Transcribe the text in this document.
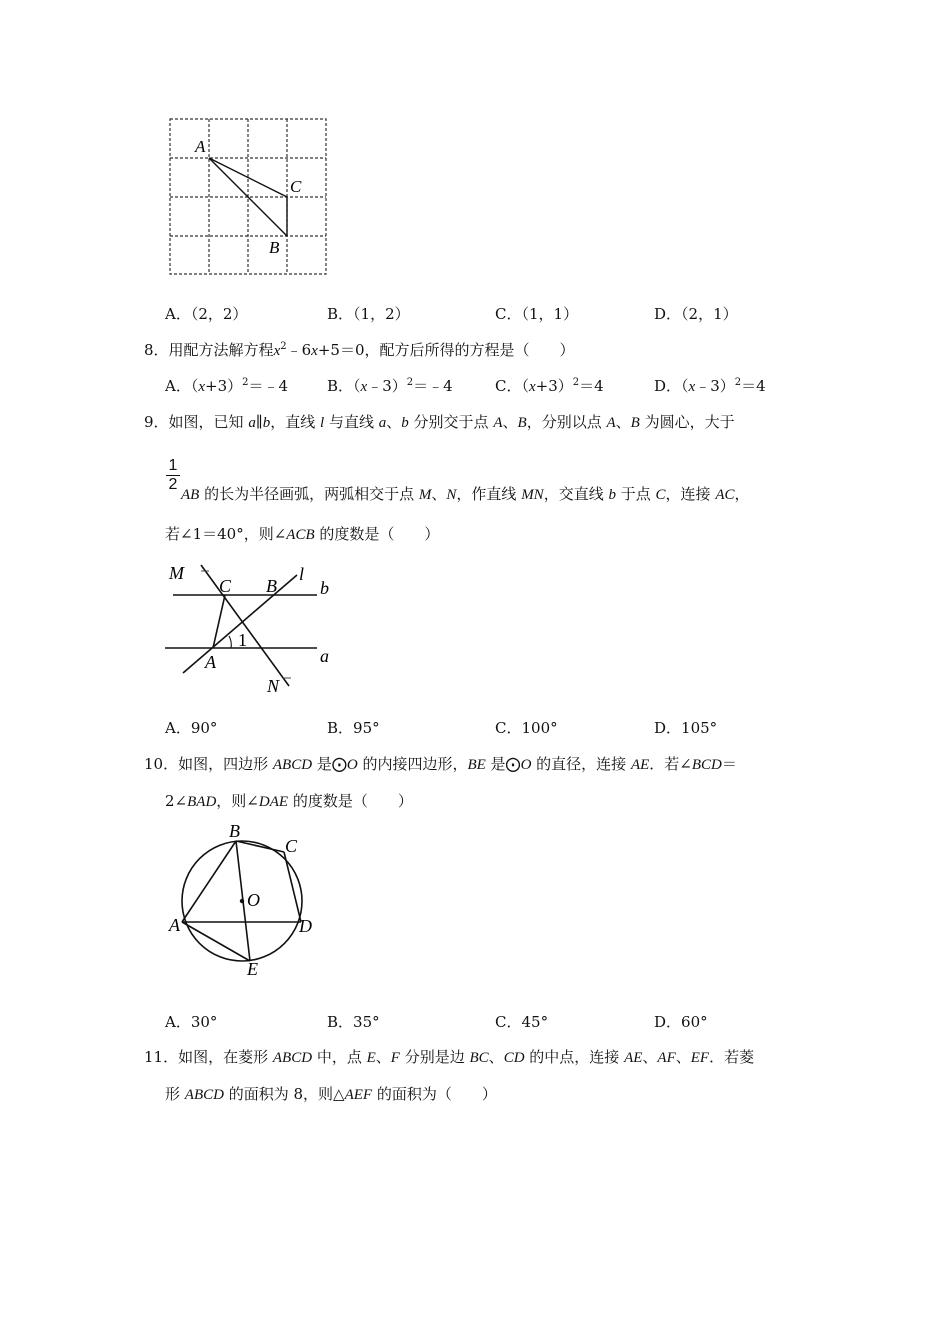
A
C
B
A．（2，2）	B．（1，2）	C．（1，1）	D．（2，1）
8．用配方法解方程$x^2﹣6x+5=0$，配方后所得的方程是（　　）
A．$(x+3)^2=﹣4$	B．（x﹣3）$^2$＝﹣4	C．$(x+3)^2=4$	D．（x﹣3）$^2$＝4
9．如图，已知 a∥b，直线 l 与直线 a、b 分别交于点 A、B，分别以点 A、B 为圆心，大于
1
2
AB 的长为半径画弧，两弧相交于点 M、N，作直线 MN，交直线 b 于点 C，连接 AC，
若∠1＝40°，则∠ACB 的度数是（　　）
M
C B
l
b
A
1
a
N
A．90°	B．95°	C．100°	D．105°
10．如图，四边形 ABCD 是⨀O 的内接四边形，BE 是⨀O 的直径，连接 AE．若∠BCD＝
2∠BAD，则∠DAE 的度数是（　　）
B
C
O
A	D
E
A．30°	B．35°	C．45°	D．60°
11．如图，在菱形 ABCD 中，点 E、F 分别是边 BC、CD 的中点，连接 AE、AF、EF．若菱
形 ABCD 的面积为 8，则△AEF 的面积为（　　）
